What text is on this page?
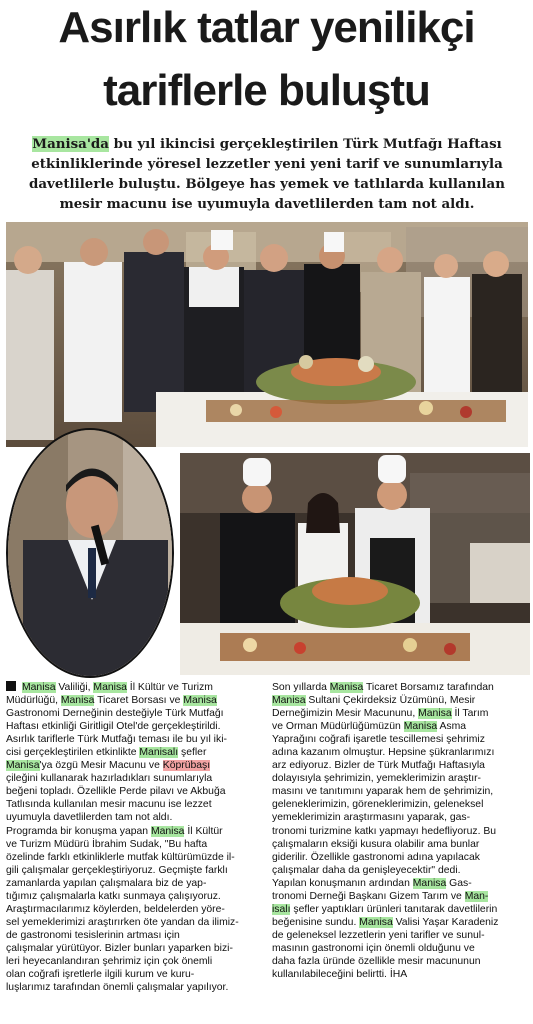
Asırlık tatlar yenilikçi
tariflerle buluştu
Manisa'da bu yıl ikincisi gerçekleştirilen Türk Mutfağı Haftası
etkinliklerinde yöresel lezzetler yeni yeni tarif ve sunumlarıyla
davetlilerle buluştu. Bölgeye has yemek ve tatlılarda kullanılan
mesir macunu ise uyumuyla davetlilerden tam not aldı.

Manisa Valiliği, Manisa İl Kültür ve Turizm

Müdürlüğü, Manisa Ticaret Borsası ve Manisa

Gastronomi Derneğinin desteğiyle Türk Mutfağı

Haftası etkinliği Giritligil Otel'de gerçekleştirildi.

Asırlık tariflerle Türk Mutfağı teması ile bu yıl iki-

cisi gerçekleştirilen etkinlikte Manisalı şefler

Manisa'ya özgü Mesir Macunu ve Köprübaşı

çileğini kullanarak hazırladıkları sunumlarıyla

beğeni topladı. Özellikle Perde pilavı ve Akbuğa

Tatlısında kullanılan mesir macunu ise lezzet

uyumuyla davetlilerden tam not aldı.

Programda bir konuşma yapan Manisa İl Kültür

ve Turizm Müdürü İbrahim Sudak, "Bu hafta

özelinde farklı etkinliklerle mutfak kültürümüzde il-

gili çalışmalar gerçekleştiriyoruz. Geçmişte farklı

zamanlarda yapılan çalışmalara biz de yap-

tığımız çalışmalarla katkı sunmaya çalışıyoruz.

Araştırmacılarımız köylerden, beldelerden yöre-

sel yemeklerimizi araştırırken öte yandan da ilimiz-

de gastronomi tesislerinin artması için

çalışmalar yürütüyor. Bizler bunları yaparken bizi-

leri heyecanlandıran şehrimiz için çok önemli

olan coğrafi işretlerle ilgili kurum ve kuru-

luşlarımız tarafından önemli çalışmalar yapılıyor.

Son yıllarda Manisa Ticaret Borsamız tarafından

Manisa Sultani Çekirdeksiz Üzümünü, Mesir

Derneğimizin Mesir Macununu, Manisa İl Tarım

ve Orman Müdürlüğümüzün Manisa Asma

Yaprağını coğrafi işaretle tescillemesi şehrimiz

adına kazanım olmuştur. Hepsine şükranlarımızı

arz ediyoruz. Bizler de Türk Mutfağı Haftasıyla

dolayısıyla şehrimizin, yemeklerimizin araştır-

masını ve tanıtımını yaparak hem de şehrimizin,

geleneklerimizin, göreneklerimizin, geleneksel

yemeklerimizin araştırmasını yaparak, gas-

tronomi turizmine katkı yapmayı hedefliyoruz. Bu

çalışmaların eksiği kusura olabilir ama bunlar

giderilir. Özellikle gastronomi adına yapılacak

çalışmalar daha da genişleyecektir" dedi.

Yapılan konuşmanın ardından Manisa Gas-

tronomi Derneği Başkanı Gizem Tarım ve Man-

isalı şefler yaptıkları ürünleri tanıtarak davetlilerin

beğenisine sundu. Manisa Valisi Yaşar Karadeniz

de geleneksel lezzetlerin yeni tarifler ve sunul-

masının gastronomi için önemli olduğunu ve

daha fazla üründe özellikle mesir macununun

kullanılabileceğini belirtti. İHA
